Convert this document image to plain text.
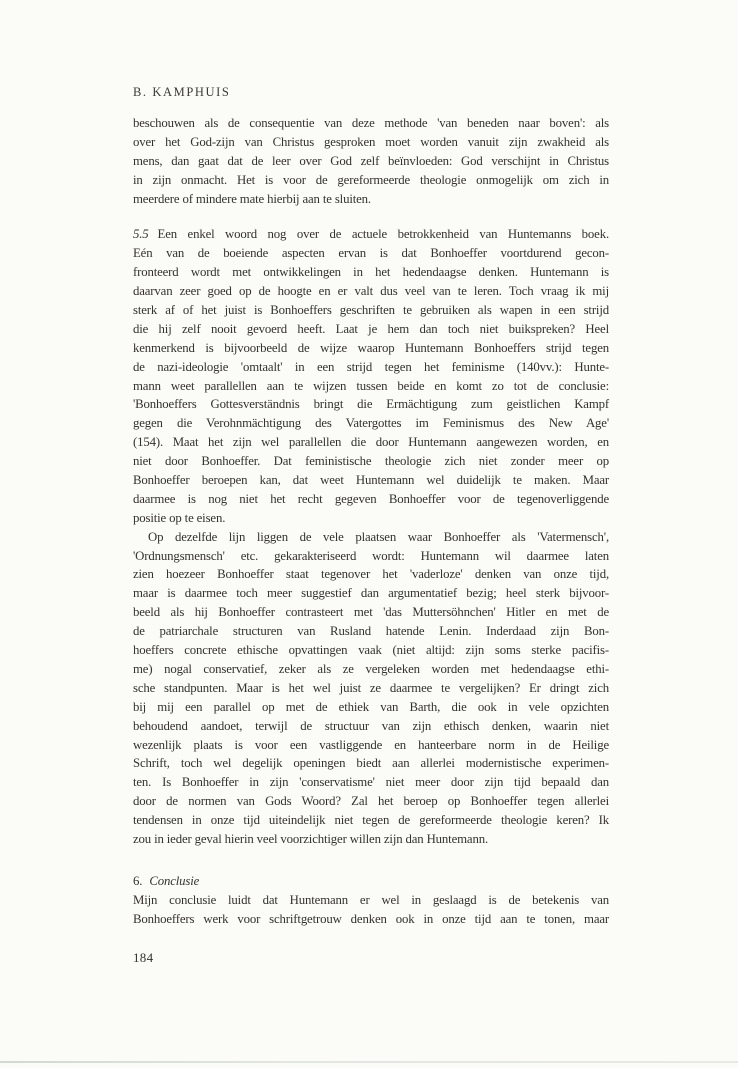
B. KAMPHUIS
beschouwen als de consequentie van deze methode 'van beneden naar boven': als
over het God-zijn van Christus gesproken moet worden vanuit zijn zwakheid als
mens, dan gaat dat de leer over God zelf beïnvloeden: God verschijnt in Christus
in zijn onmacht. Het is voor de gereformeerde theologie onmogelijk om zich in
meerdere of mindere mate hierbij aan te sluiten.
5.5 Een enkel woord nog over de actuele betrokkenheid van Huntemanns boek.
Eén van de boeiende aspecten ervan is dat Bonhoeffer voortdurend gecon-
fronteerd wordt met ontwikkelingen in het hedendaagse denken. Huntemann is
daarvan zeer goed op de hoogte en er valt dus veel van te leren. Toch vraag ik mij
sterk af of het juist is Bonhoeffers geschriften te gebruiken als wapen in een strijd
die hij zelf nooit gevoerd heeft. Laat je hem dan toch niet buikspreken? Heel
kenmerkend is bijvoorbeeld de wijze waarop Huntemann Bonhoeffers strijd tegen
de nazi-ideologie 'omtaalt' in een strijd tegen het feminisme (140vv.): Hunte-
mann weet parallellen aan te wijzen tussen beide en komt zo tot de conclusie:
'Bonhoeffers Gottesverständnis bringt die Ermächtigung zum geistlichen Kampf
gegen die Verohnmächtigung des Vatergottes im Feminismus des New Age'
(154). Maat het zijn wel parallellen die door Huntemann aangewezen worden, en
niet door Bonhoeffer. Dat feministische theologie zich niet zonder meer op
Bonhoeffer beroepen kan, dat weet Huntemann wel duidelijk te maken. Maar
daarmee is nog niet het recht gegeven Bonhoeffer voor de tegenoverliggende
positie op te eisen.
Op dezelfde lijn liggen de vele plaatsen waar Bonhoeffer als 'Vatermensch',
'Ordnungsmensch' etc. gekarakteriseerd wordt: Huntemann wil daarmee laten
zien hoezeer Bonhoeffer staat tegenover het 'vaderloze' denken van onze tijd,
maar is daarmee toch meer suggestief dan argumentatief bezig; heel sterk bijvoor-
beeld als hij Bonhoeffer contrasteert met 'das Muttersöhnchen' Hitler en met de
de patriarchale structuren van Rusland hatende Lenin. Inderdaad zijn Bon-
hoeffers concrete ethische opvattingen vaak (niet altijd: zijn soms sterke pacifis-
me) nogal conservatief, zeker als ze vergeleken worden met hedendaagse ethi-
sche standpunten. Maar is het wel juist ze daarmee te vergelijken? Er dringt zich
bij mij een parallel op met de ethiek van Barth, die ook in vele opzichten
behoudend aandoet, terwijl de structuur van zijn ethisch denken, waarin niet
wezenlijk plaats is voor een vastliggende en hanteerbare norm in de Heilige
Schrift, toch wel degelijk openingen biedt aan allerlei modernistische experimen-
ten. Is Bonhoeffer in zijn 'conservatisme' niet meer door zijn tijd bepaald dan
door de normen van Gods Woord? Zal het beroep op Bonhoeffer tegen allerlei
tendensen in onze tijd uiteindelijk niet tegen de gereformeerde theologie keren? Ik
zou in ieder geval hierin veel voorzichtiger willen zijn dan Huntemann.
6. Conclusie
Mijn conclusie luidt dat Huntemann er wel in geslaagd is de betekenis van
Bonhoeffers werk voor schriftgetrouw denken ook in onze tijd aan te tonen, maar
184
